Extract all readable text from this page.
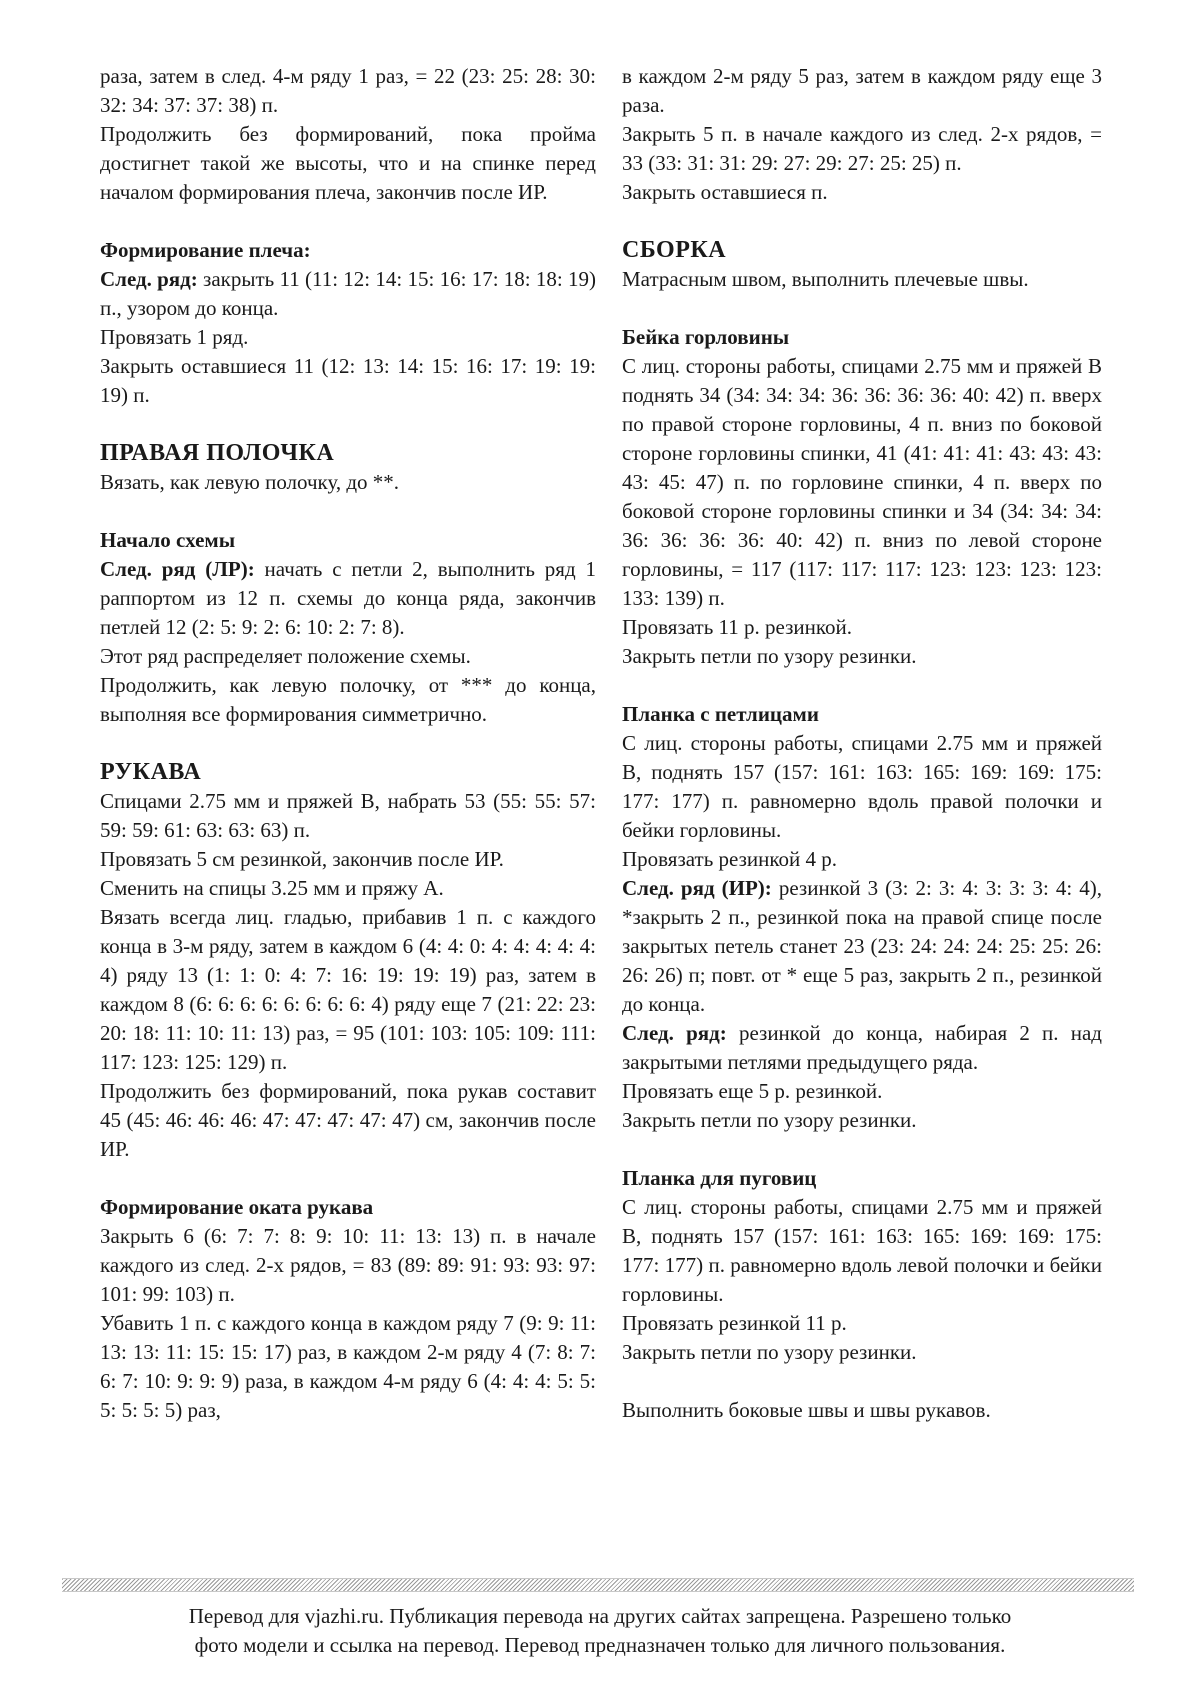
раза, затем в след. 4-м ряду 1 раз, = 22 (23: 25: 28: 30: 32: 34: 37: 37: 38) п.

Продолжить без формирований, пока пройма достигнет такой же высоты, что и на спинке перед началом формирования плеча, закончив после ИР.

Формирование плеча:

След. ряд: закрыть 11 (11: 12: 14: 15: 16: 17: 18: 18: 19) п., узором до конца.

Провязать 1 ряд.

Закрыть оставшиеся 11 (12: 13: 14: 15: 16: 17: 19: 19: 19) п.

ПРАВАЯ ПОЛОЧКА

Вязать, как левую полочку, до **.

Начало схемы

След. ряд (ЛР): начать с петли 2, выполнить ряд 1 раппортом из 12 п. схемы до конца ряда, закончив петлей 12 (2: 5: 9: 2: 6: 10: 2: 7: 8).

Этот ряд распределяет положение схемы.

Продолжить, как левую полочку, от *** до конца, выполняя все формирования симметрично.

РУКАВА

Спицами 2.75 мм и пряжей В, набрать 53 (55: 55: 57: 59: 59: 61: 63: 63: 63) п.

Провязать 5 см резинкой, закончив после ИР.

Сменить на спицы 3.25 мм и пряжу А.

Вязать всегда лиц. гладью, прибавив 1 п. с каждого конца в 3-м ряду, затем в каждом 6 (4: 4: 0: 4: 4: 4: 4: 4: 4) ряду 13 (1: 1: 0: 4: 7: 16: 19: 19: 19) раз, затем в каждом 8 (6: 6: 6: 6: 6: 6: 6: 6: 4) ряду еще 7 (21: 22: 23: 20: 18: 11: 10: 11: 13) раз, = 95 (101: 103: 105: 109: 111: 117: 123: 125: 129) п.

Продолжить без формирований, пока рукав составит 45 (45: 46: 46: 46: 47: 47: 47: 47: 47) см, закончив после ИР.

Формирование оката рукава

Закрыть 6 (6: 7: 7: 8: 9: 10: 11: 13: 13) п. в начале каждого из след. 2-х рядов, = 83 (89: 89: 91: 93: 93: 97: 101: 99: 103) п.

Убавить 1 п. с каждого конца в каждом ряду 7 (9: 9: 11: 13: 13: 11: 15: 15: 17) раз, в каждом 2-м ряду 4 (7: 8: 7: 6: 7: 10: 9: 9: 9) раза, в каждом 4-м ряду 6 (4: 4: 4: 5: 5: 5: 5: 5: 5) раз,

в каждом 2-м ряду 5 раз, затем в каждом ряду еще 3 раза.

Закрыть 5 п. в начале каждого из след. 2-х рядов, = 33 (33: 31: 31: 29: 27: 29: 27: 25: 25) п.

Закрыть оставшиеся п.

СБОРКА

Матрасным швом, выполнить плечевые швы.

Бейка горловины

С лиц. стороны работы, спицами 2.75 мм и пряжей В поднять 34 (34: 34: 34: 36: 36: 36: 36: 40: 42) п. вверх по правой стороне горловины, 4 п. вниз по боковой стороне горловины спинки, 41 (41: 41: 41: 43: 43: 43: 43: 45: 47) п. по горловине спинки, 4 п. вверх по боковой стороне горловины спинки и 34 (34: 34: 34: 36: 36: 36: 36: 40: 42) п. вниз по левой стороне горловины, = 117 (117: 117: 117: 123: 123: 123: 123: 133: 139) п.

Провязать 11 р. резинкой.

Закрыть петли по узору резинки.

Планка с петлицами

С лиц. стороны работы, спицами 2.75 мм и пряжей В, поднять 157 (157: 161: 163: 165: 169: 169: 175: 177: 177) п. равномерно вдоль правой полочки и бейки горловины.

Провязать резинкой 4 р.

След. ряд (ИР): резинкой 3 (3: 2: 3: 4: 3: 3: 3: 4: 4), *закрыть 2 п., резинкой пока на правой спице после закрытых петель станет 23 (23: 24: 24: 24: 25: 25: 26: 26: 26) п; повт. от * еще 5 раз, закрыть 2 п., резинкой до конца.

След. ряд: резинкой до конца, набирая 2 п. над закрытыми петлями предыдущего ряда.

Провязать еще 5 р. резинкой.

Закрыть петли по узору резинки.

Планка для пуговиц

С лиц. стороны работы, спицами 2.75 мм и пряжей В, поднять 157 (157: 161: 163: 165: 169: 169: 175: 177: 177) п. равномерно вдоль левой полочки и бейки горловины.

Провязать резинкой 11 р.

Закрыть петли по узору резинки.

Выполнить боковые швы и швы рукавов.

Перевод для vjazhi.ru. Публикация перевода на других сайтах запрещена. Разрешено только
фото модели и ссылка на перевод. Перевод предназначен только для личного пользования.
